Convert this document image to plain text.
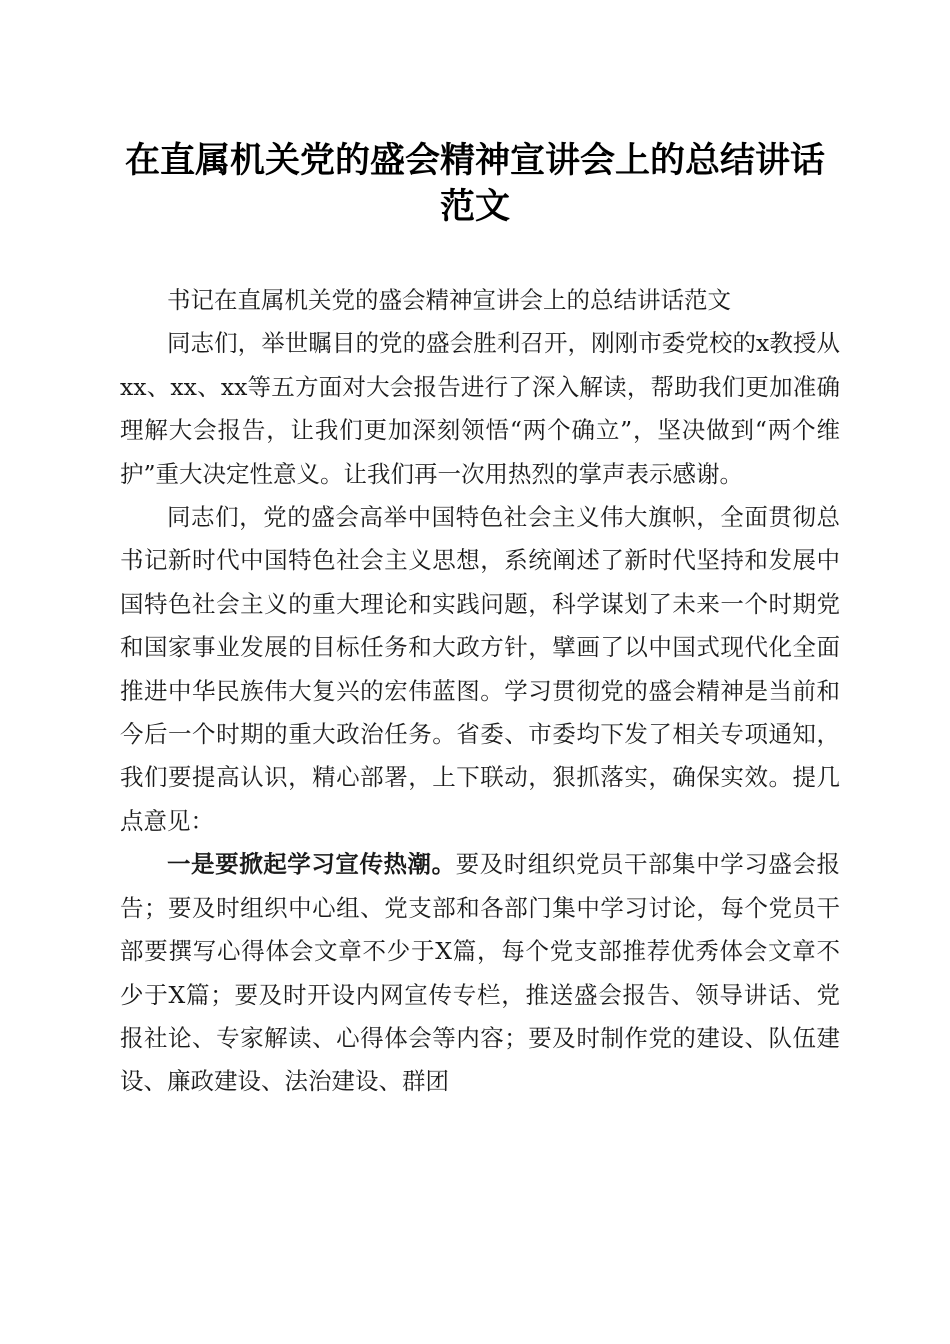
在直属机关党的盛会精神宣讲会上的总结讲话范文

书记在直属机关党的盛会精神宣讲会上的总结讲话范文

同志们，举世瞩目的党的盛会胜利召开，刚刚市委党校的x教授从xx、xx、xx等五方面对大会报告进行了深入解读，帮助我们更加准确理解大会报告，让我们更加深刻领悟“两个确立”，坚决做到“两个维护”重大决定性意义。让我们再一次用热烈的掌声表示感谢。

同志们，党的盛会高举中国特色社会主义伟大旗帜，全面贯彻总书记新时代中国特色社会主义思想，系统阐述了新时代坚持和发展中国特色社会主义的重大理论和实践问题，科学谋划了未来一个时期党和国家事业发展的目标任务和大政方针，擘画了以中国式现代化全面推进中华民族伟大复兴的宏伟蓝图。学习贯彻党的盛会精神是当前和今后一个时期的重大政治任务。省委、市委均下发了相关专项通知，我们要提高认识，精心部署，上下联动，狠抓落实，确保实效。提几点意见：

一是要掀起学习宣传热潮。要及时组织党员干部集中学习盛会报告；要及时组织中心组、党支部和各部门集中学习讨论，每个党员干部要撰写心得体会文章不少于X篇，每个党支部推荐优秀体会文章不少于X篇；要及时开设内网宣传专栏，推送盛会报告、领导讲话、党报社论、专家解读、心得体会等内容；要及时制作党的建设、队伍建设、廉政建设、法治建设、群团
